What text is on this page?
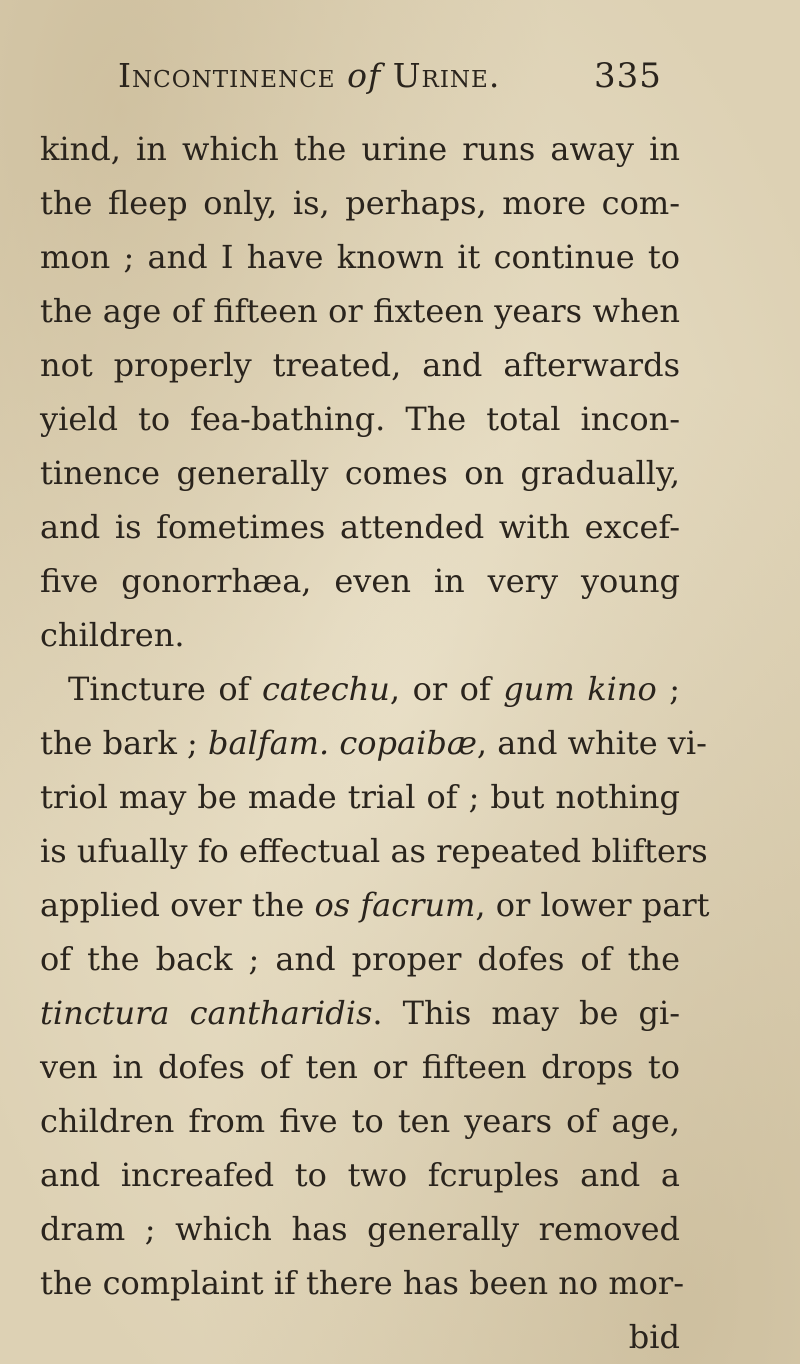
Incontinence of Urine.	335
kind, in which the urine runs away in
the fleep only, is, perhaps, more com-
mon ; and I have known it continue to
the age of fifteen or fixteen years when
not properly treated, and afterwards
yield to fea-bathing. The total incon-
tinence generally comes on gradually,
and is fometimes attended with excef-
five gonorrhæa, even in very young
children.
Tincture of catechu, or of gum kino ;
the bark ; balfam. copaibæ, and white vi-
triol may be made trial of ; but nothing
is ufually fo effectual as repeated blifters
applied over the os facrum, or lower part
of the back ; and proper dofes of the
tinctura cantharidis. This may be gi-
ven in dofes of ten or fifteen drops to
children from five to ten years of age,
and increafed to two fcruples and a
dram ; which has generally removed
the complaint if there has been no mor-
bid
